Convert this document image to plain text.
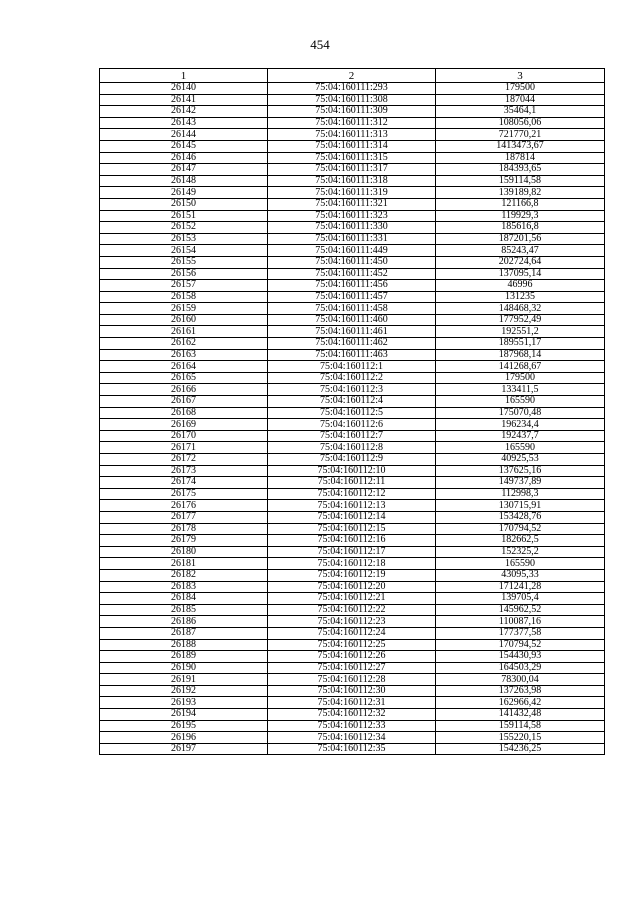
454
1	2	3
26140	75:04:160111:293	179500
26141	75:04:160111:308	187044
26142	75:04:160111:309	35464,1
26143	75:04:160111:312	108056,06
26144	75:04:160111:313	721770,21
26145	75:04:160111:314	1413473,67
26146	75:04:160111:315	187814
26147	75:04:160111:317	184393,65
26148	75:04:160111:318	159114,58
26149	75:04:160111:319	139189,82
26150	75:04:160111:321	121166,8
26151	75:04:160111:323	119929,3
26152	75:04:160111:330	185616,8
26153	75:04:160111:331	187201,56
26154	75:04:160111:449	85243,47
26155	75:04:160111:450	202724,64
26156	75:04:160111:452	137095,14
26157	75:04:160111:456	46996
26158	75:04:160111:457	131235
26159	75:04:160111:458	148468,32
26160	75:04:160111:460	177952,49
26161	75:04:160111:461	192551,2
26162	75:04:160111:462	189551,17
26163	75:04:160111:463	187968,14
26164	75:04:160112:1	141268,67
26165	75:04:160112:2	179500
26166	75:04:160112:3	133411,5
26167	75:04:160112:4	165590
26168	75:04:160112:5	175070,48
26169	75:04:160112:6	196234,4
26170	75:04:160112:7	192437,7
26171	75:04:160112:8	165590
26172	75:04:160112:9	40925,53
26173	75:04:160112:10	137625,16
26174	75:04:160112:11	149737,89
26175	75:04:160112:12	112998,3
26176	75:04:160112:13	130715,91
26177	75:04:160112:14	153428,76
26178	75:04:160112:15	170794,52
26179	75:04:160112:16	182662,5
26180	75:04:160112:17	152325,2
26181	75:04:160112:18	165590
26182	75:04:160112:19	43095,33
26183	75:04:160112:20	171241,28
26184	75:04:160112:21	139705,4
26185	75:04:160112:22	145962,52
26186	75:04:160112:23	110087,16
26187	75:04:160112:24	177377,58
26188	75:04:160112:25	170794,52
26189	75:04:160112:26	154430,93
26190	75:04:160112:27	164503,29
26191	75:04:160112:28	78300,04
26192	75:04:160112:30	137263,98
26193	75:04:160112:31	162966,42
26194	75:04:160112:32	141432,48
26195	75:04:160112:33	159114,58
26196	75:04:160112:34	155220,15
26197	75:04:160112:35	154236,25
